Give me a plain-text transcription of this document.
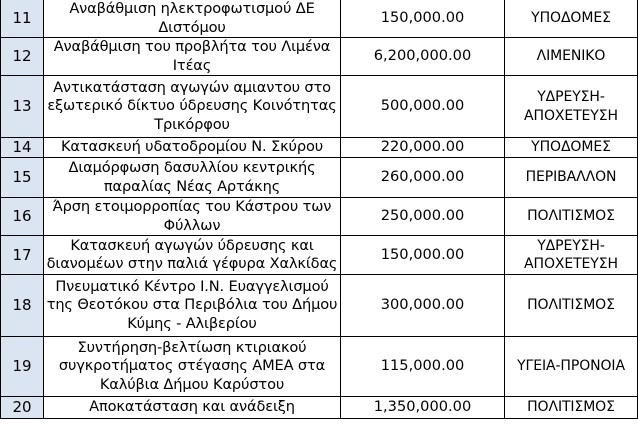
11	Αναβάθμιση ηλεκτροφωτισμού ΔΕ Διστόμου	150,000.00	ΥΠΟΔΟΜΕΣ
12	Αναβάθμιση του προβλήτα του Λιμένα Ιτέας	6,200,000.00	ΛΙΜΕΝΙΚΟ
13	Αντικατάσταση αγωγών αμιαντου στο εξωτερικό δίκτυο ύδρευσης Κοινότητας Τρικόρφου	500,000.00	ΥΔΡΕΥΣΗ-ΑΠΟΧΕΤΕΥΣΗ
14	Κατασκευή υδατοδρομίου Ν. Σκύρου	220,000.00	ΥΠΟΔΟΜΕΣ
15	Διαμόρφωση δασυλλίου κεντρικής παραλίας Νέας Αρτάκης	260,000.00	ΠΕΡΙΒΑΛΛΟΝ
16	Άρση ετοιμορροπίας του Κάστρου των Φύλλων	250,000.00	ΠΟΛΙΤΙΣΜΟΣ
17	Κατασκευή αγωγών ύδρευσης και διανομέων στην παλιά γέφυρα Χαλκίδας	150,000.00	ΥΔΡΕΥΣΗ-ΑΠΟΧΕΤΕΥΣΗ
18	Πνευματικό Κέντρο Ι.Ν. Ευαγγελισμού της Θεοτόκου στα Περιβόλια του Δήμου Κύμης - Αλιβερίου	300,000.00	ΠΟΛΙΤΙΣΜΟΣ
19	Συντήρηση-βελτίωση κτιριακού συγκροτήματος στέγασης ΑΜΕΑ στα Καλύβια Δήμου Καρύστου	115,000.00	ΥΓΕΙΑ-ΠΡΟΝΟΙΑ
20	Αποκατάσταση και ανάδειξη	1,350,000.00	ΠΟΛΙΤΙΣΜΟΣ
